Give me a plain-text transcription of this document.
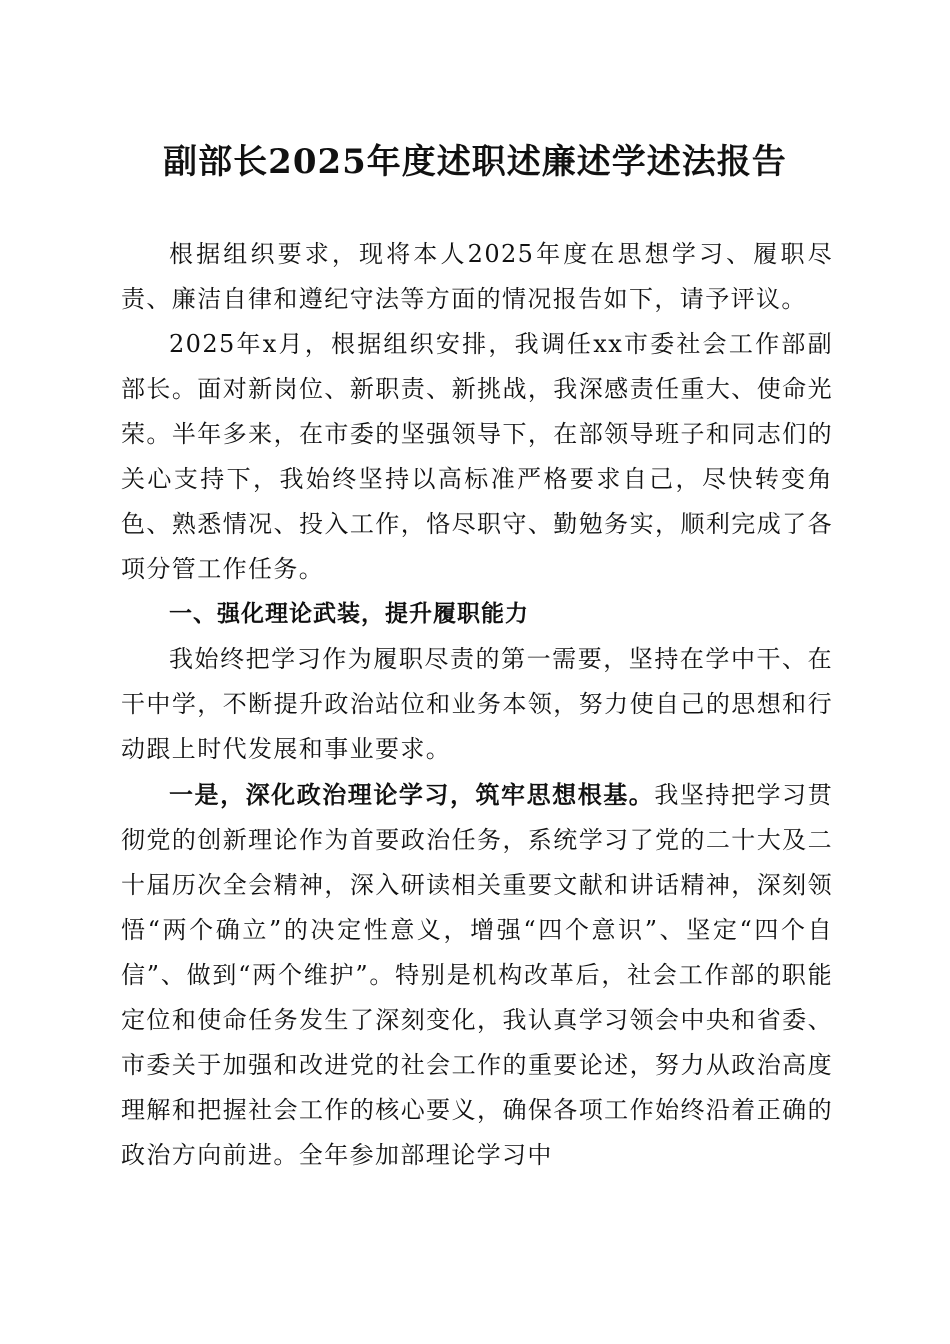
副部长2025年度述职述廉述学述法报告

根据组织要求，现将本人2025年度在思想学习、履职尽责、廉洁自律和遵纪守法等方面的情况报告如下，请予评议。

2025年x月，根据组织安排，我调任xx市委社会工作部副部长。面对新岗位、新职责、新挑战，我深感责任重大、使命光荣。半年多来，在市委的坚强领导下，在部领导班子和同志们的关心支持下，我始终坚持以高标准严格要求自己，尽快转变角色、熟悉情况、投入工作，恪尽职守、勤勉务实，顺利完成了各项分管工作任务。

一、强化理论武装，提升履职能力

我始终把学习作为履职尽责的第一需要，坚持在学中干、在干中学，不断提升政治站位和业务本领，努力使自己的思想和行动跟上时代发展和事业要求。

一是，深化政治理论学习，筑牢思想根基。我坚持把学习贯彻党的创新理论作为首要政治任务，系统学习了党的二十大及二十届历次全会精神，深入研读相关重要文献和讲话精神，深刻领悟“两个确立”的决定性意义，增强“四个意识”、坚定“四个自信”、做到“两个维护”。特别是机构改革后，社会工作部的职能定位和使命任务发生了深刻变化，我认真学习领会中央和省委、市委关于加强和改进党的社会工作的重要论述，努力从政治高度理解和把握社会工作的核心要义，确保各项工作始终沿着正确的政治方向前进。全年参加部理论学习中
